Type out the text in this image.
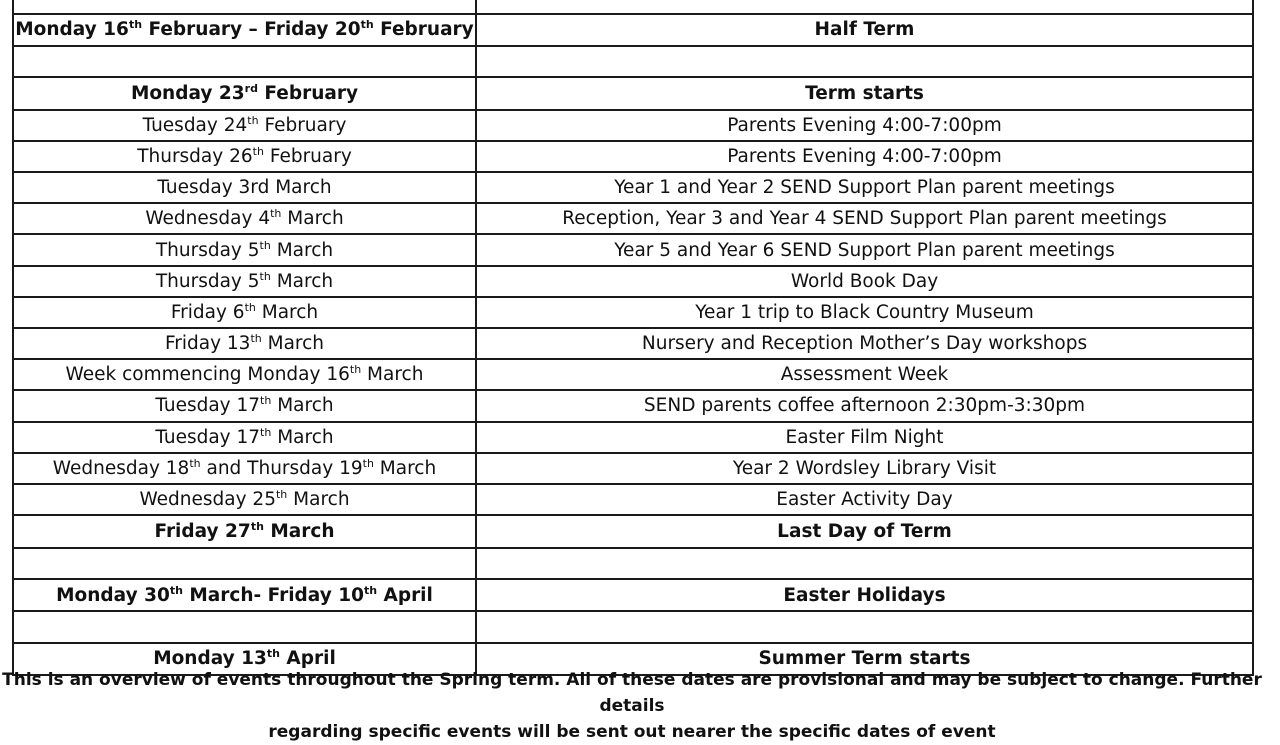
Monday 16th February – Friday 20th February	Half Term

Monday 23rd February	Term starts
Tuesday 24th February	Parents Evening 4:00-7:00pm
Thursday 26th February	Parents Evening 4:00-7:00pm
Tuesday 3rd March	Year 1 and Year 2 SEND Support Plan parent meetings
Wednesday 4th March	Reception, Year 3 and Year 4 SEND Support Plan parent meetings
Thursday 5th March	Year 5 and Year 6 SEND Support Plan parent meetings
Thursday 5th March	World Book Day
Friday 6th March	Year 1 trip to Black Country Museum
Friday 13th March	Nursery and Reception Mother’s Day workshops
Week commencing Monday 16th March	Assessment Week
Tuesday 17th March	SEND parents coffee afternoon 2:30pm-3:30pm
Tuesday 17th March	Easter Film Night
Wednesday 18th and Thursday 19th March	Year 2 Wordsley Library Visit
Wednesday 25th March	Easter Activity Day
Friday 27th March	Last Day of Term

Monday 30th March- Friday 10th April	Easter Holidays

Monday 13th April	Summer Term starts
This is an overview of events throughout the Spring term. All of these dates are provisional and may be subject to change. Further details
regarding specific events will be sent out nearer the specific dates of event
